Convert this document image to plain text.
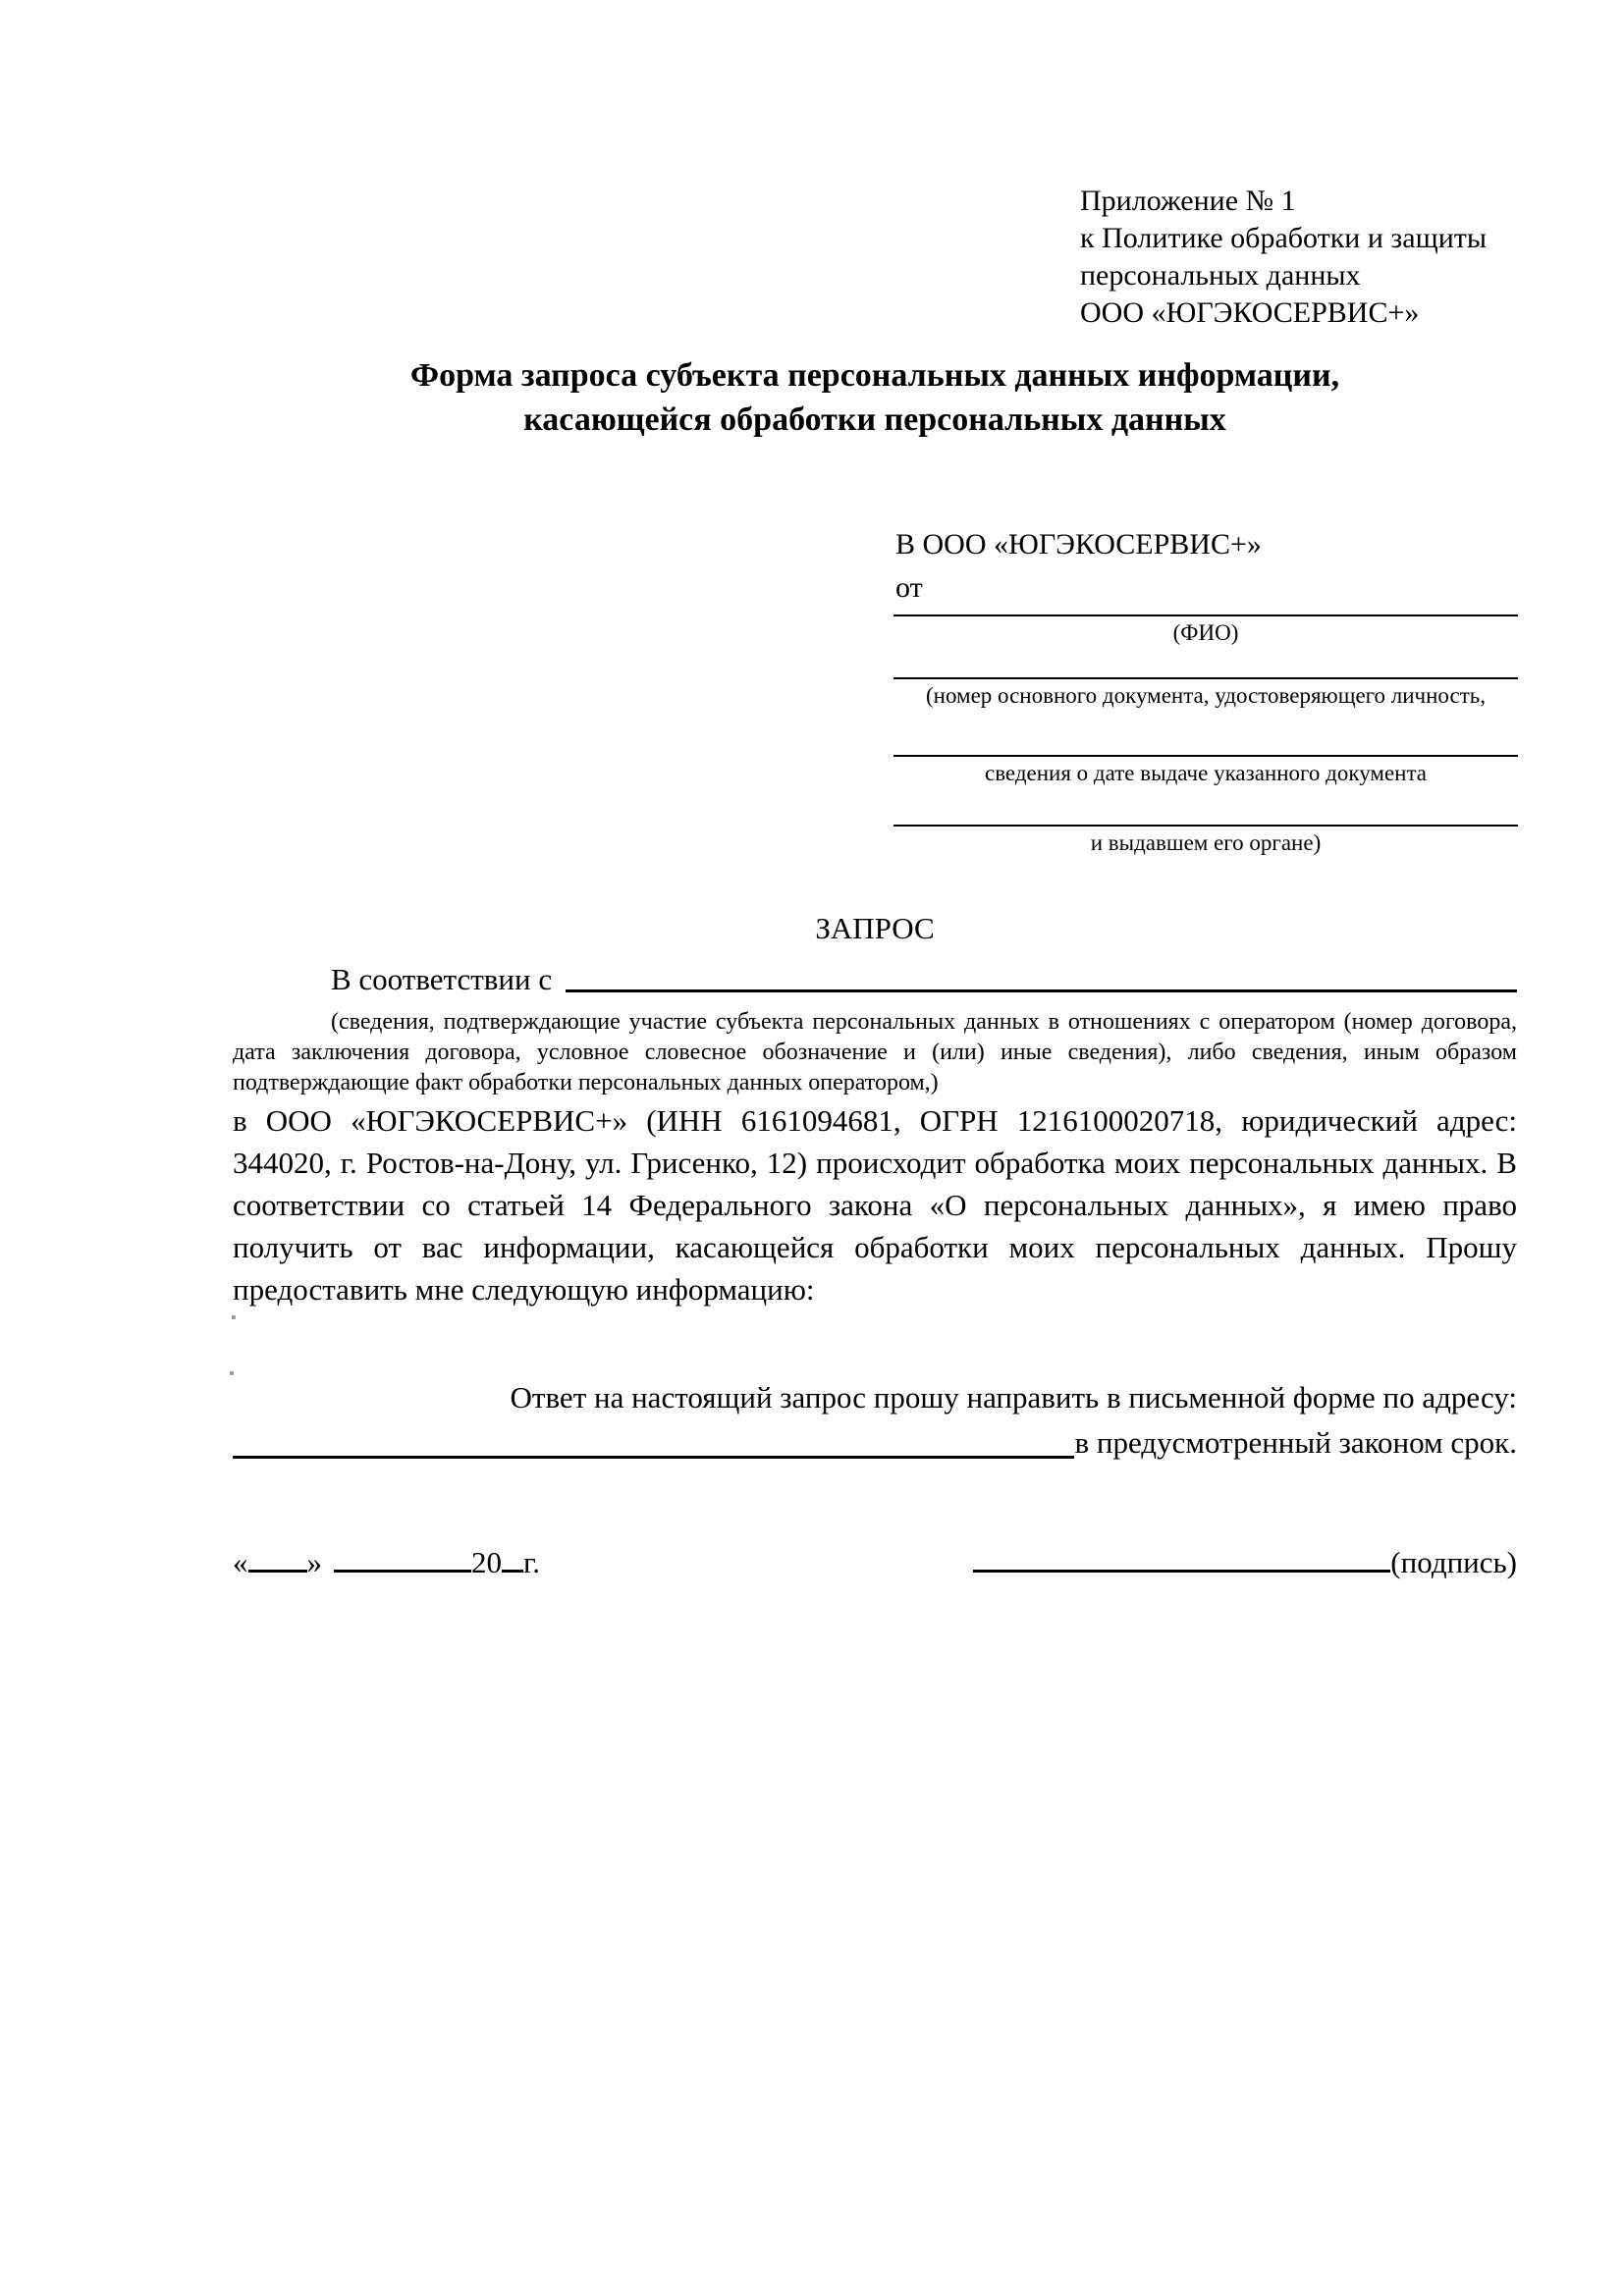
Приложение № 1
к Политике обработки и защиты
персональных данных
ООО «ЮГЭКОСЕРВИС+»
Форма запроса субъекта персональных данных информации,
касающейся обработки персональных данных
В ООО «ЮГЭКОСЕРВИС+»
от
(ФИО)
(номер основного документа, удостоверяющего личность,
сведения о дате выдаче указанного документа
и выдавшем его органе)
ЗАПРОС
В соответствии с
(сведения, подтверждающие участие субъекта персональных данных в отношениях с оператором (номер договора, дата заключения договора, условное словесное обозначение и (или) иные сведения), либо сведения, иным образом подтверждающие факт обработки персональных данных оператором,)
в ООО «ЮГЭКОСЕРВИС+» (ИНН 6161094681, ОГРН 1216100020718, юридический адрес: 344020, г. Ростов-на-Дону, ул. Грисенко, 12) происходит обработка моих персональных данных. В соответствии со статьей 14 Федерального закона «О персональных данных», я имею право получить от вас информации, касающейся обработки моих персональных данных. Прошу предоставить мне следующую информацию:
Ответ на настоящий запрос прошу направить в письменной форме по адресу:
в предусмотренный законом срок.
« »	20 г.	(подпись)
